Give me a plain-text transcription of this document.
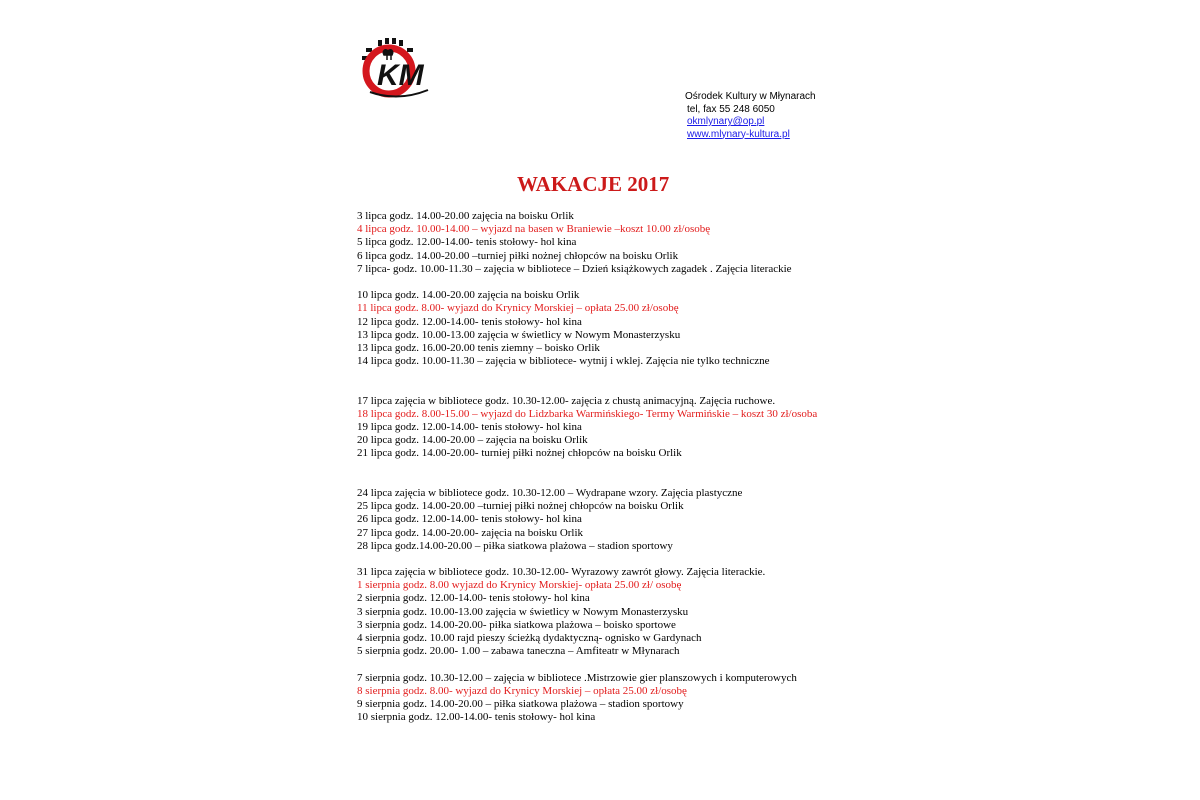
KM
Ośrodek Kultury w Młynarach
tel, fax 55 248 6050
okmlynary@op.pl
www.mlynary-kultura.pl
WAKACJE 2017
3 lipca godz. 14.00-20.00 zajęcia na boisku Orlik
4 lipca godz. 10.00-14.00 – wyjazd na basen w Braniewie –koszt 10.00 zł/osobę
5 lipca godz. 12.00-14.00- tenis stołowy- hol kina
6 lipca godz. 14.00-20.00 –turniej piłki nożnej chłopców na boisku Orlik
7 lipca- godz. 10.00-11.30 – zajęcia w bibliotece – Dzień książkowych zagadek . Zajęcia literackie
10 lipca godz. 14.00-20.00 zajęcia na boisku Orlik
11 lipca godz. 8.00- wyjazd do Krynicy Morskiej – opłata 25.00 zł/osobę
12 lipca godz. 12.00-14.00- tenis stołowy- hol kina
13 lipca godz. 10.00-13.00 zajęcia w świetlicy w Nowym Monasterzysku
13 lipca godz. 16.00-20.00 tenis ziemny – boisko Orlik
14 lipca godz. 10.00-11.30 – zajęcia w bibliotece- wytnij i wklej. Zajęcia nie tylko techniczne
17 lipca zajęcia w bibliotece godz. 10.30-12.00- zajęcia z chustą animacyjną. Zajęcia ruchowe.
18 lipca godz. 8.00-15.00 – wyjazd do Lidzbarka Warmińskiego- Termy Warmińskie – koszt 30 zł/osoba
19 lipca godz. 12.00-14.00- tenis stołowy- hol kina
20 lipca godz. 14.00-20.00 – zajęcia na boisku Orlik
21 lipca godz. 14.00-20.00- turniej piłki nożnej chłopców na boisku Orlik
24 lipca zajęcia w bibliotece godz. 10.30-12.00 – Wydrapane wzory. Zajęcia plastyczne
25 lipca godz. 14.00-20.00 –turniej piłki nożnej chłopców na boisku Orlik
26 lipca godz. 12.00-14.00- tenis stołowy- hol kina
27 lipca godz. 14.00-20.00- zajęcia na boisku Orlik
28 lipca godz.14.00-20.00 – piłka siatkowa plażowa – stadion sportowy
31 lipca zajęcia w bibliotece godz. 10.30-12.00- Wyrazowy zawrót głowy. Zajęcia literackie.
1 sierpnia godz. 8.00 wyjazd do Krynicy Morskiej- opłata 25.00 zł/ osobę
2 sierpnia godz. 12.00-14.00- tenis stołowy- hol kina
3 sierpnia godz. 10.00-13.00 zajęcia w świetlicy w Nowym Monasterzysku
3 sierpnia godz. 14.00-20.00- piłka siatkowa plażowa – boisko sportowe
4 sierpnia godz. 10.00 rajd pieszy ścieżką dydaktyczną- ognisko w Gardynach
5 sierpnia godz. 20.00- 1.00 – zabawa taneczna – Amfiteatr w Młynarach
7 sierpnia godz. 10.30-12.00 – zajęcia w bibliotece .Mistrzowie gier planszowych i komputerowych
8 sierpnia godz. 8.00- wyjazd do Krynicy Morskiej – opłata 25.00 zł/osobę
9 sierpnia godz. 14.00-20.00 – piłka siatkowa plażowa – stadion sportowy
10 sierpnia godz. 12.00-14.00- tenis stołowy- hol kina
